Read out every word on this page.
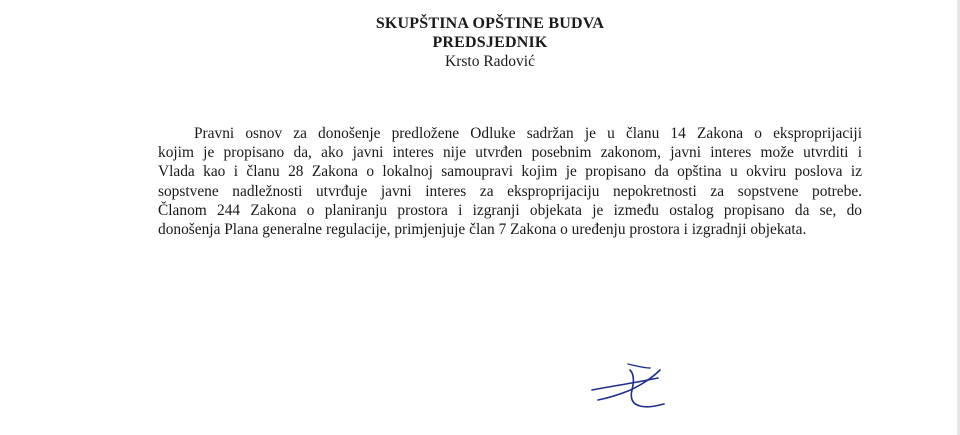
SKUPŠTINA OPŠTINE BUDVA
PREDSJEDNIK
Krsto Radović
Pravni osnov za donošenje predložene Odluke sadržan je u članu 14 Zakona o eksproprijaciji
kojim je propisano da, ako javni interes nije utvrđen posebnim zakonom, javni interes može utvrditi i
Vlada kao i članu 28 Zakona o lokalnoj samoupravi kojim je propisano da opština u okviru poslova iz
sopstvene nadležnosti utvrđuje javni interes za eksproprijaciju nepokretnosti za sopstvene potrebe.
Članom 244 Zakona o planiranju prostora i izgranji objekata je između ostalog propisano da se, do
donošenja Plana generalne regulacije, primjenjuje član 7 Zakona o uređenju prostora i izgradnji objekata.
